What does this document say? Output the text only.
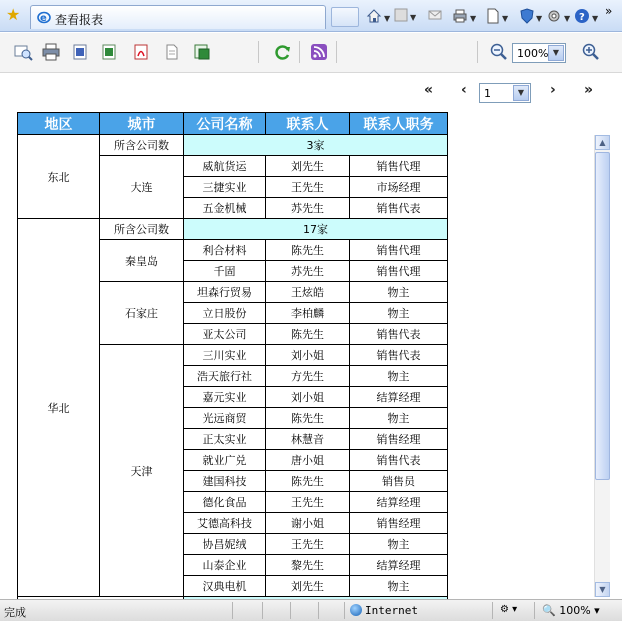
★ e 查看报表	▼	▼	▼	▼	▼	▼ ? ▼
»
100% ▼
« ‹ 1	▼	› »
地区	城市	公司名称	联系人	联系人职务
东北	所含公司数	3家		
	大连	威航货运	刘先生	销售代理
		三捷实业	王先生	市场经理
		五金机械	苏先生	销售代表
华北	所含公司数	17家		
	秦皇岛	利合材料	陈先生	销售代理
		千固	苏先生	销售代理
	石家庄	坦森行贸易	王炫皓	物主
		立日股份	李柏麟	物主
		亚太公司	陈先生	销售代表
	天津	三川实业	刘小姐	销售代表
		浩天旅行社	方先生	物主
		嘉元实业	刘小姐	结算经理
		光远商贸	陈先生	物主
		正太实业	林慧音	销售经理
		就业广兑	唐小姐	销售代表
		建国科技	陈先生	销售员
		德化食品	王先生	结算经理
		艾德高科技	谢小姐	销售经理
		协昌妮绒	王先生	物主
		山泰企业	黎先生	结算经理
		汉典电机	刘先生	物主

▲
▼
完成	Internet	⚙ ▾ 🔍 100% ▾
